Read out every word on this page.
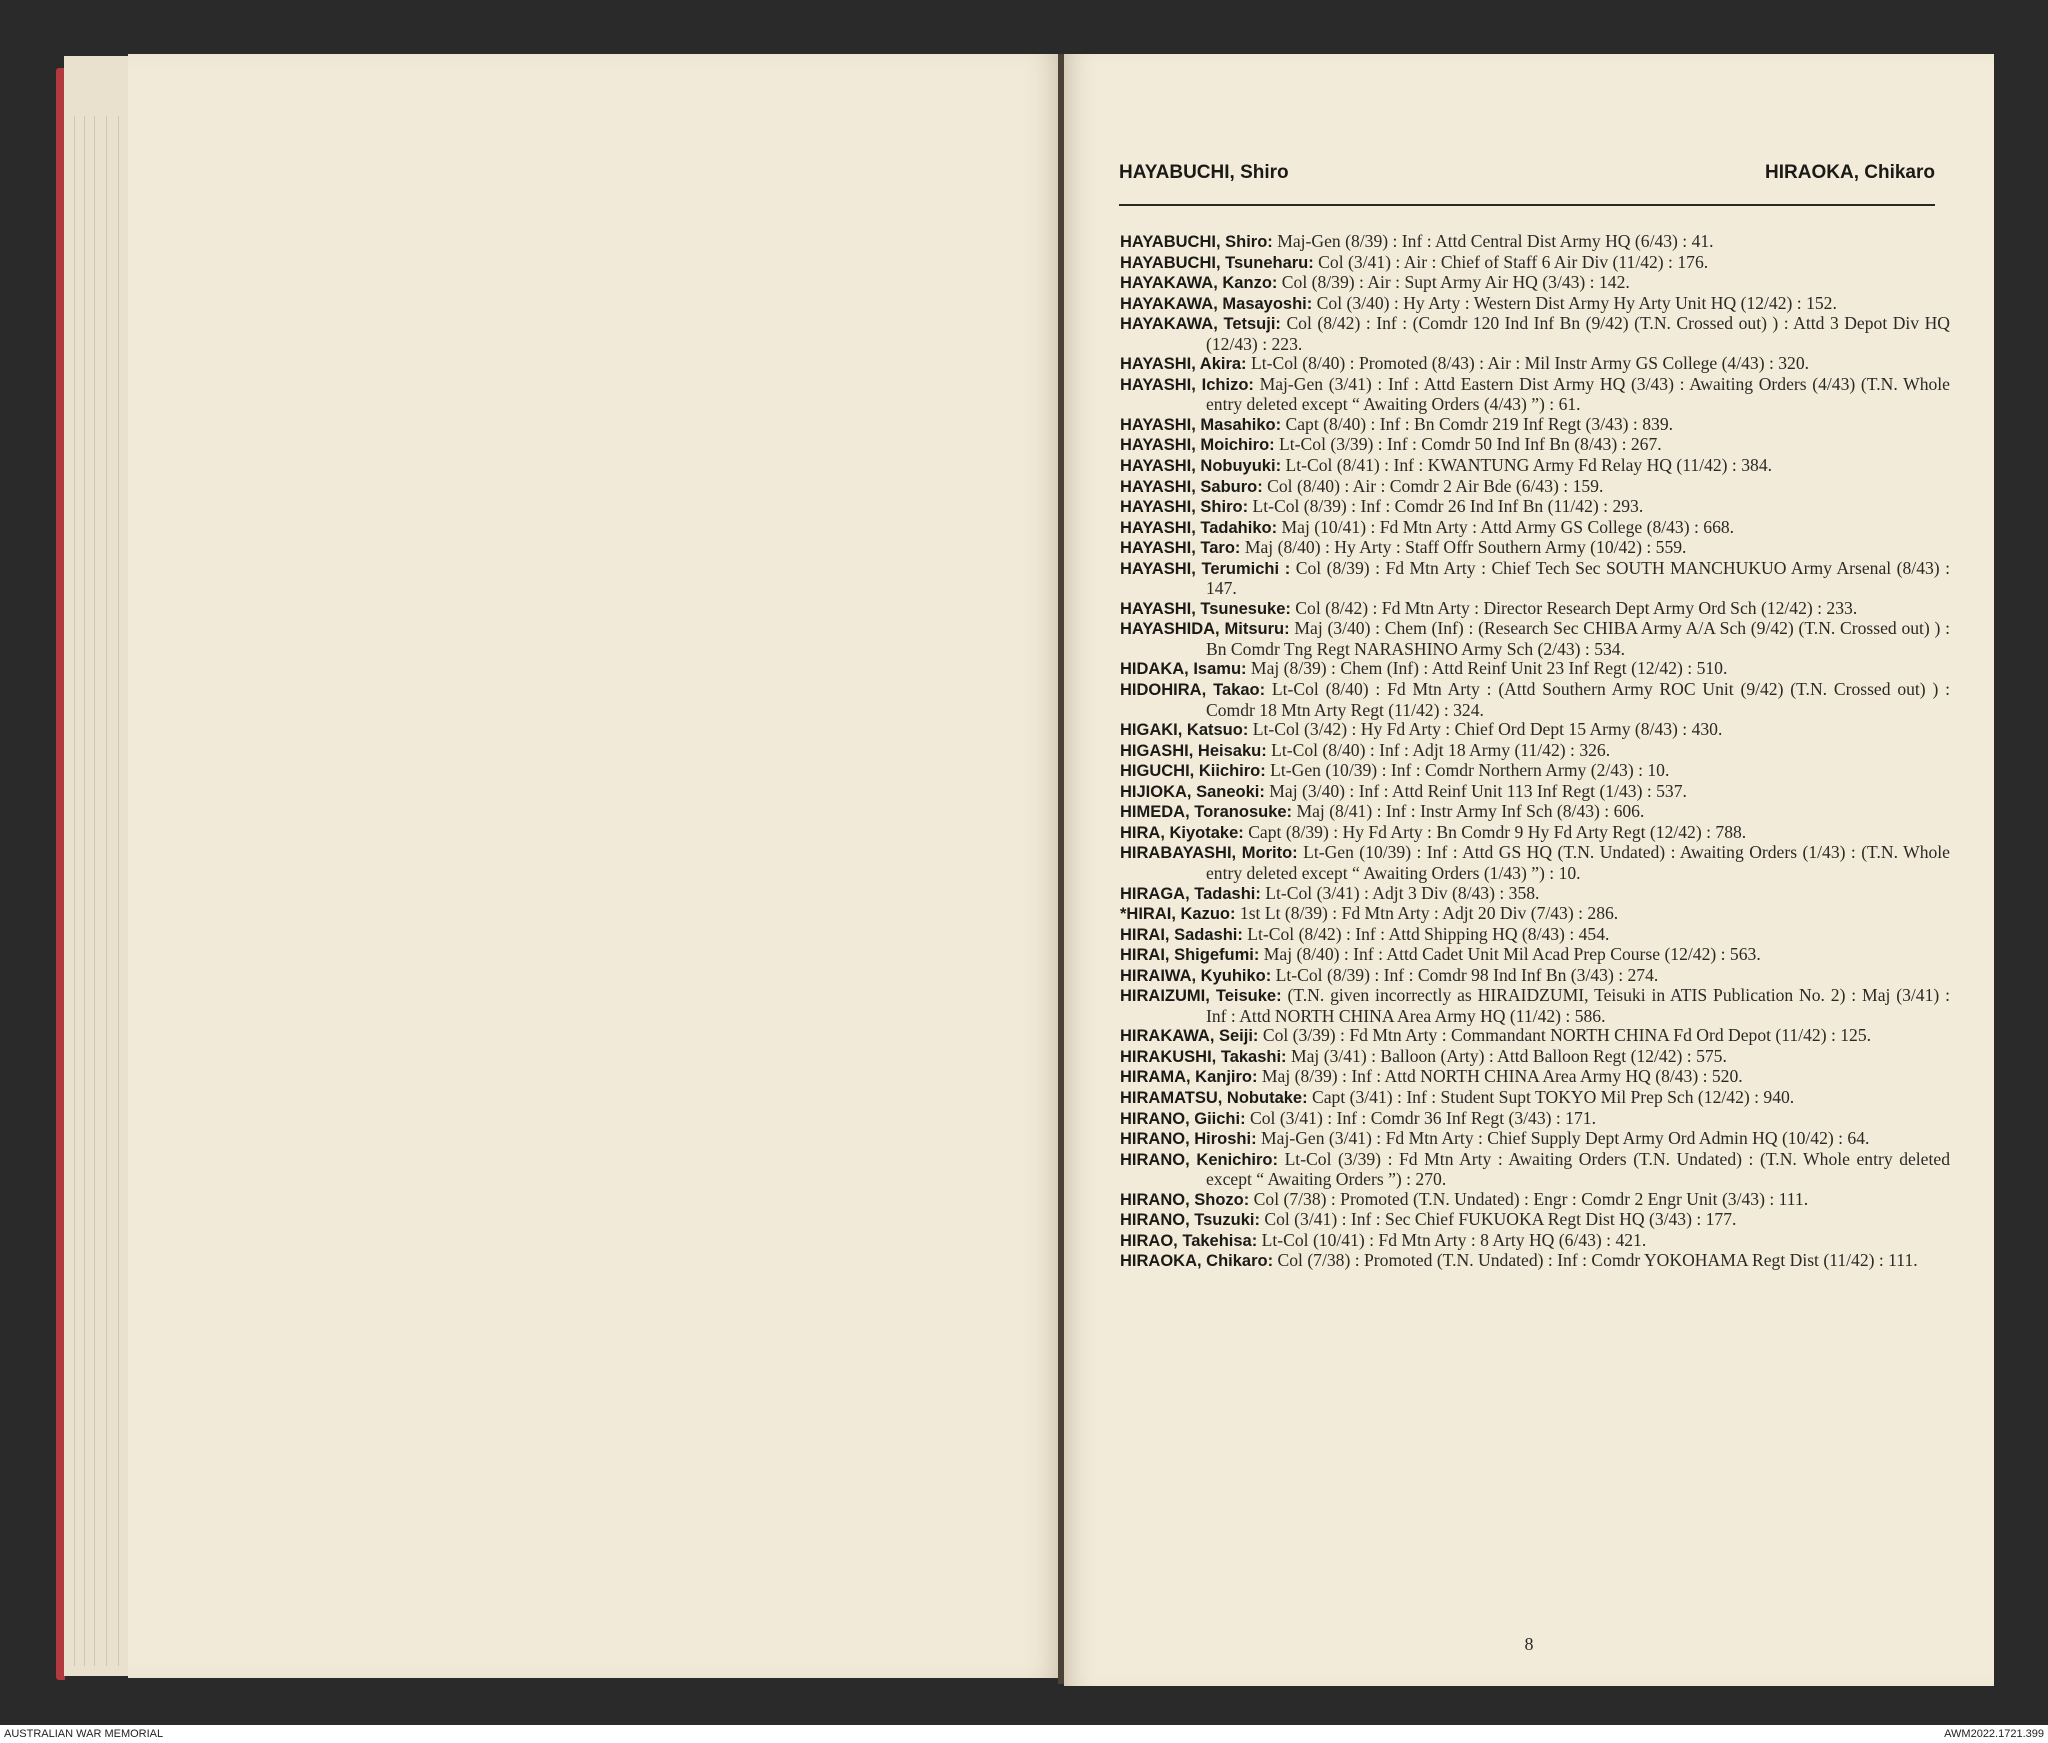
HAYABUCHI, Shiro	HIRAOKA, Chikaro
HAYABUCHI, Shiro: Maj-Gen (8/39) : Inf : Attd Central Dist Army HQ (6/43) : 41.
HAYABUCHI, Tsuneharu: Col (3/41) : Air : Chief of Staff 6 Air Div (11/42) : 176.
HAYAKAWA, Kanzo: Col (8/39) : Air : Supt Army Air HQ (3/43) : 142.
HAYAKAWA, Masayoshi: Col (3/40) : Hy Arty : Western Dist Army Hy Arty Unit HQ (12/42) : 152.
HAYAKAWA, Tetsuji: Col (8/42) : Inf : (Comdr 120 Ind Inf Bn (9/42) (T.N. Crossed out) ) : Attd 3 Depot Div HQ (12/43) : 223.
HAYASHI, Akira: Lt-Col (8/40) : Promoted (8/43) : Air : Mil Instr Army GS College (4/43) : 320.
HAYASHI, Ichizo: Maj-Gen (3/41) : Inf : Attd Eastern Dist Army HQ (3/43) : Awaiting Orders (4/43) (T.N. Whole entry deleted except “ Awaiting Orders (4/43) ”) : 61.
HAYASHI, Masahiko: Capt (8/40) : Inf : Bn Comdr 219 Inf Regt (3/43) : 839.
HAYASHI, Moichiro: Lt-Col (3/39) : Inf : Comdr 50 Ind Inf Bn (8/43) : 267.
HAYASHI, Nobuyuki: Lt-Col (8/41) : Inf : KWANTUNG Army Fd Relay HQ (11/42) : 384.
HAYASHI, Saburo: Col (8/40) : Air : Comdr 2 Air Bde (6/43) : 159.
HAYASHI, Shiro: Lt-Col (8/39) : Inf : Comdr 26 Ind Inf Bn (11/42) : 293.
HAYASHI, Tadahiko: Maj (10/41) : Fd Mtn Arty : Attd Army GS College (8/43) : 668.
HAYASHI, Taro: Maj (8/40) : Hy Arty : Staff Offr Southern Army (10/42) : 559.
HAYASHI, Terumichi : Col (8/39) : Fd Mtn Arty : Chief Tech Sec SOUTH MANCHUKUO Army Arsenal (8/43) : 147.
HAYASHI, Tsunesuke: Col (8/42) : Fd Mtn Arty : Director Research Dept Army Ord Sch (12/42) : 233.
HAYASHIDA, Mitsuru: Maj (3/40) : Chem (Inf) : (Research Sec CHIBA Army A/A Sch (9/42) (T.N. Crossed out) ) : Bn Comdr Tng Regt NARASHINO Army Sch (2/43) : 534.
HIDAKA, Isamu: Maj (8/39) : Chem (Inf) : Attd Reinf Unit 23 Inf Regt (12/42) : 510.
HIDOHIRA, Takao: Lt-Col (8/40) : Fd Mtn Arty : (Attd Southern Army ROC Unit (9/42) (T.N. Crossed out) ) : Comdr 18 Mtn Arty Regt (11/42) : 324.
HIGAKI, Katsuo: Lt-Col (3/42) : Hy Fd Arty : Chief Ord Dept 15 Army (8/43) : 430.
HIGASHI, Heisaku: Lt-Col (8/40) : Inf : Adjt 18 Army (11/42) : 326.
HIGUCHI, Kiichiro: Lt-Gen (10/39) : Inf : Comdr Northern Army (2/43) : 10.
HIJIOKA, Saneoki: Maj (3/40) : Inf : Attd Reinf Unit 113 Inf Regt (1/43) : 537.
HIMEDA, Toranosuke: Maj (8/41) : Inf : Instr Army Inf Sch (8/43) : 606.
HIRA, Kiyotake: Capt (8/39) : Hy Fd Arty : Bn Comdr 9 Hy Fd Arty Regt (12/42) : 788.
HIRABAYASHI, Morito: Lt-Gen (10/39) : Inf : Attd GS HQ (T.N. Undated) : Awaiting Orders (1/43) : (T.N. Whole entry deleted except “ Awaiting Orders (1/43) ”) : 10.
HIRAGA, Tadashi: Lt-Col (3/41) : Adjt 3 Div (8/43) : 358.
*HIRAI, Kazuo: 1st Lt (8/39) : Fd Mtn Arty : Adjt 20 Div (7/43) : 286.
HIRAI, Sadashi: Lt-Col (8/42) : Inf : Attd Shipping HQ (8/43) : 454.
HIRAI, Shigefumi: Maj (8/40) : Inf : Attd Cadet Unit Mil Acad Prep Course (12/42) : 563.
HIRAIWA, Kyuhiko: Lt-Col (8/39) : Inf : Comdr 98 Ind Inf Bn (3/43) : 274.
HIRAIZUMI, Teisuke: (T.N. given incorrectly as HIRAIDZUMI, Teisuki in ATIS Publication No. 2) : Maj (3/41) : Inf : Attd NORTH CHINA Area Army HQ (11/42) : 586.
HIRAKAWA, Seiji: Col (3/39) : Fd Mtn Arty : Commandant NORTH CHINA Fd Ord Depot (11/42) : 125.
HIRAKUSHI, Takashi: Maj (3/41) : Balloon (Arty) : Attd Balloon Regt (12/42) : 575.
HIRAMA, Kanjiro: Maj (8/39) : Inf : Attd NORTH CHINA Area Army HQ (8/43) : 520.
HIRAMATSU, Nobutake: Capt (3/41) : Inf : Student Supt TOKYO Mil Prep Sch (12/42) : 940.
HIRANO, Giichi: Col (3/41) : Inf : Comdr 36 Inf Regt (3/43) : 171.
HIRANO, Hiroshi: Maj-Gen (3/41) : Fd Mtn Arty : Chief Supply Dept Army Ord Admin HQ (10/42) : 64.
HIRANO, Kenichiro: Lt-Col (3/39) : Fd Mtn Arty : Awaiting Orders (T.N. Undated) : (T.N. Whole entry deleted except “ Awaiting Orders ”) : 270.
HIRANO, Shozo: Col (7/38) : Promoted (T.N. Undated) : Engr : Comdr 2 Engr Unit (3/43) : 111.
HIRANO, Tsuzuki: Col (3/41) : Inf : Sec Chief FUKUOKA Regt Dist HQ (3/43) : 177.
HIRAO, Takehisa: Lt-Col (10/41) : Fd Mtn Arty : 8 Arty HQ (6/43) : 421.
HIRAOKA, Chikaro: Col (7/38) : Promoted (T.N. Undated) : Inf : Comdr YOKOHAMA Regt Dist (11/42) : 111.
8
AUSTRALIAN WAR MEMORIAL	AWM2022.1721.399
